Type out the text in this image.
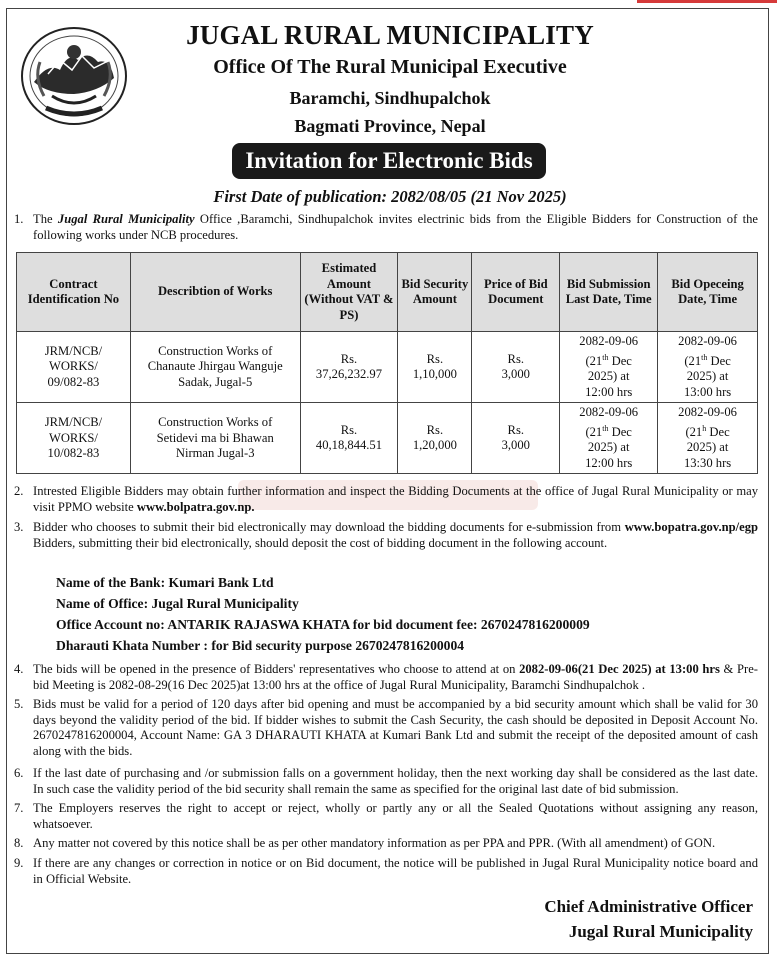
JUGAL RURAL MUNICIPALITY
Office Of The Rural Municipal Executive
Baramchi, Sindhupalchok
Bagmati Province, Nepal
Invitation for Electronic Bids
First Date of publication: 2082/08/05 (21 Nov 2025)
1. The Jugal Rural Municipality Office ,Baramchi, Sindhupalchok invites electrinic bids from the Eligible Bidders for Construction of the following works under NCB procedures.
Contract Identification No	Describtion of Works	Estimated Amount (Without VAT & PS)	Bid Security Amount	Price of Bid Document	Bid Submission Last Date, Time	Bid Opeceing Date, Time
JRM/NCB/
WORKS/
09/082-83	Construction Works of
Chanaute Jhirgau Wanguje
Sadak, Jugal-5	Rs.
37,26,232.97	Rs.
1,10,000	Rs.
3,000	2082-09-06
(21th Dec
2025) at
12:00 hrs	2082-09-06
(21th Dec
2025) at
13:00 hrs
JRM/NCB/
WORKS/
10/082-83	Construction Works of
Setidevi ma bi Bhawan
Nirman Jugal-3	Rs.
40,18,844.51	Rs.
1,20,000	Rs.
3,000	2082-09-06
(21th Dec
2025) at
12:00 hrs	2082-09-06
(21$^h$ Dec
2025) at
13:30 hrs
2. Intrested Eligible Bidders may obtain further information and inspect the Bidding Documents at the office of Jugal Rural Municipality or may visit PPMO website www.bolpatra.gov.np.
3. Bidder who chooses to submit their bid electronically may download the bidding documents for e-submission from www.bopatra.gov.np/egp Bidders, submitting their bid electronically, should deposit the cost of bidding document in the following account.
Name of the Bank: Kumari Bank Ltd
Name of Office: Jugal Rural Municipality
Office Account no: ANTARIK RAJASWA KHATA for bid document fee: 2670247816200009
Dharauti Khata Number : for Bid security purpose 2670247816200004
4. The bids will be opened in the presence of Bidders' representatives who choose to attend at on 2082-09-06(21 Dec 2025) at 13:00 hrs & Pre- bid Meeting is 2082-08-29(16 Dec 2025)at 13:00 hrs at the office of Jugal Rural Municipality, Baramchi Sindhupalchok .
5. Bids must be valid for a period of 120 days after bid opening and must be accompanied by a bid security amount which shall be valid for 30 days beyond the validity period of the bid. If bidder wishes to submit the Cash Security, the cash should be deposited in Deposit Account No. 2670247816200004, Account Name: GA 3 DHARAUTI KHATA at Kumari Bank Ltd and submit the receipt of the deposited amount of cash along with the bids.
6. If the last date of purchasing and /or submission falls on a government holiday, then the next working day shall be considered as the last date. In such case the validity period of the bid security shall remain the same as specified for the original last date of bid submission.
7. The Employers reserves the right to accept or reject, wholly or partly any or all the Sealed Quotations without assigning any reason, whatsoever.
8. Any matter not covered by this notice shall be as per other mandatory information as per PPA and PPR. (With all amendment) of GON.
9. If there are any changes or correction in notice or on Bid document, the notice will be published in Jugal Rural Municipality notice board and in Official Website.
Chief Administrative Officer
Jugal Rural Municipality
